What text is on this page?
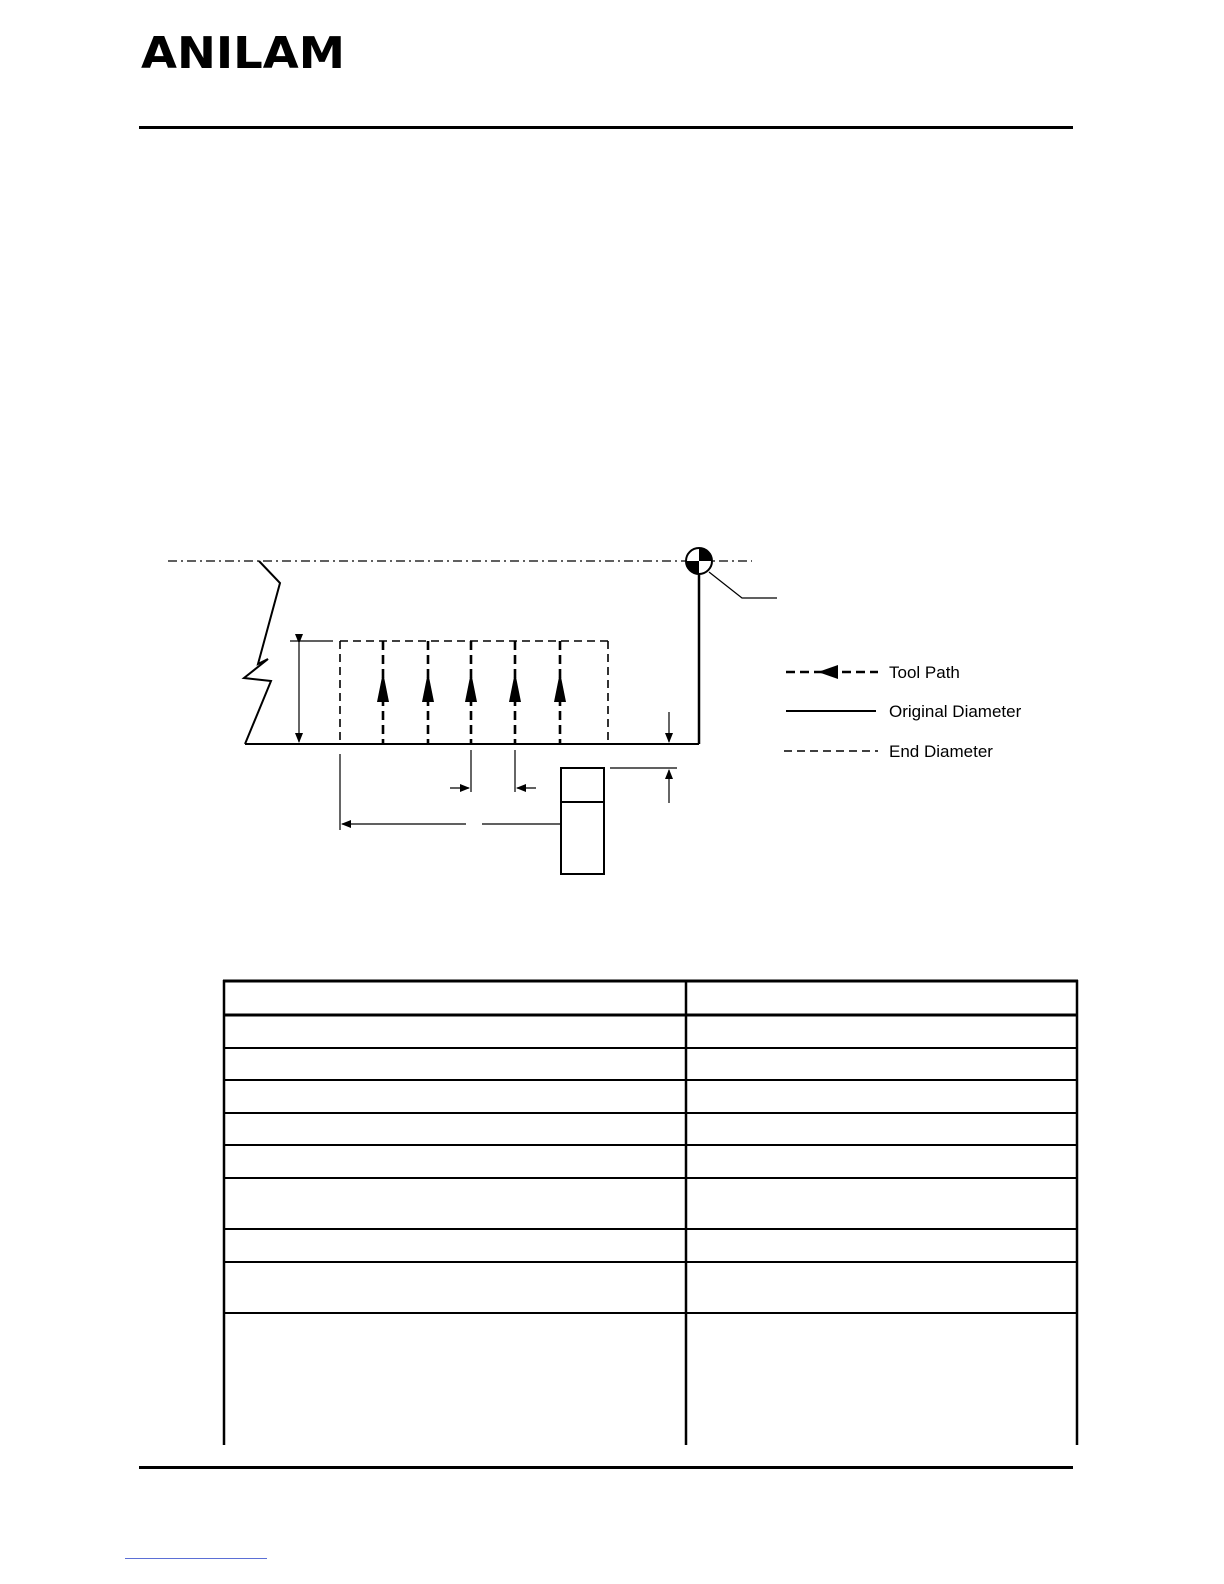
ANILAM
Tool Path
Original Diameter
End Diameter
